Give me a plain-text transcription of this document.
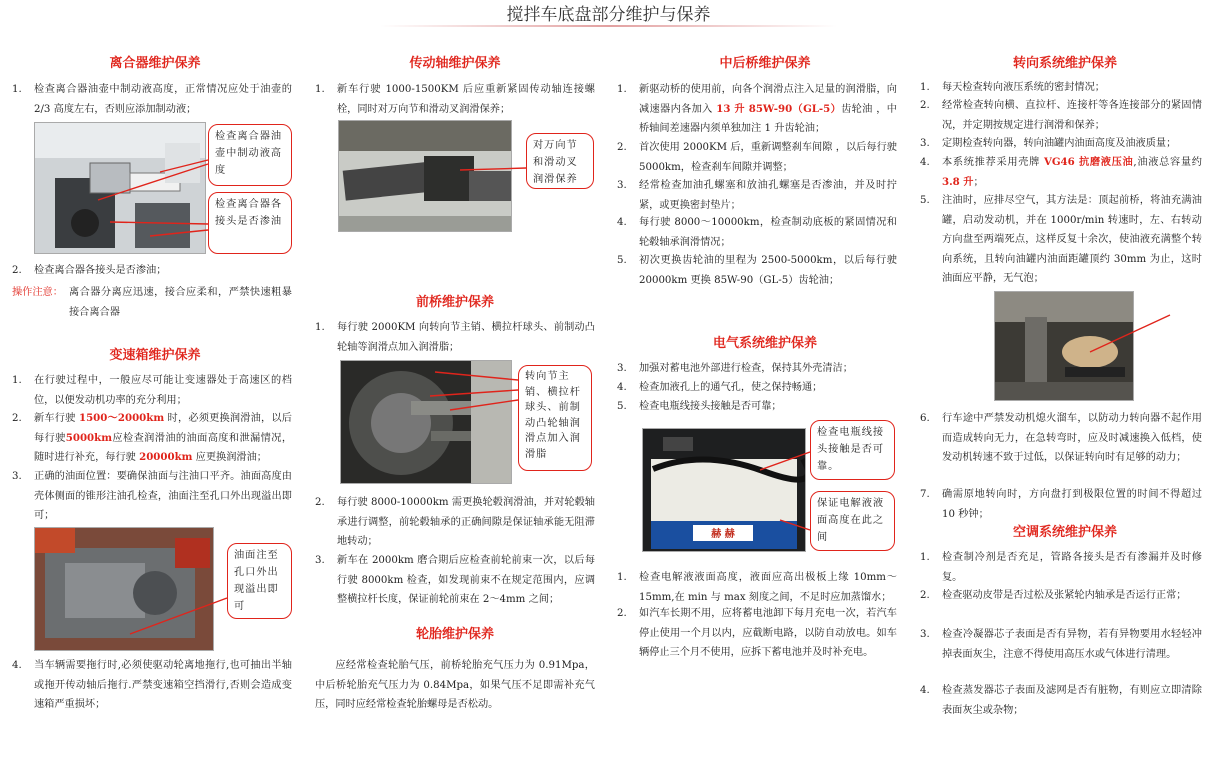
搅拌车底盘部分维护与保养
离合器维护保养
1. 检查离合器油壶中制动液高度，正常情况应处于油壶的 2/3 高度左右，否则应添加制动液；
检查离合器油壶中制动液高度
检查离合器各接头是否渗油
2. 检查离合器各接头是否渗油；
操作注意： 离合器分离应迅速，接合应柔和，严禁快速粗暴接合离合器
变速箱维护保养
1. 在行驶过程中，一般应尽可能让变速器处于高速区的档位，以便发动机功率的充分利用；
2. 新车行驶 1500～2000km 时，必须更换润滑油，以后每行驶5000km应检查润滑油的油面高度和泄漏情况，随时进行补充，每行驶 20000km 应更换润滑油；
3. 正确的油面位置：要确保油面与注油口平齐。油面高度由壳体侧面的锥形注油孔检查，油面注至孔口外出现溢出即可；
油面注至孔口外出现溢出即可
4. 当车辆需要拖行时,必须使驱动轮离地拖行,也可抽出半轴或拖开传动轴后拖行.严禁变速箱空挡滑行,否则会造成变速箱严重损坏；
传动轴维护保养
1. 新车行驶 1000-1500KM 后应重新紧固传动轴连接螺栓，同时对万向节和滑动叉润滑保养；
对万向节和滑动叉润滑保养
前桥维护保养
1. 每行驶 2000KM 向转向节主销、横拉杆球头、前制动凸轮轴等润滑点加入润滑脂；
转向节主销、横拉杆球头、前制动凸轮轴润滑点加入润滑脂
2. 每行驶 8000-10000km 需更换轮毂润滑油，并对轮毂轴承进行调整，前轮毂轴承的正确间隙是保证轴承能无阻滞地转动；
3. 新车在 2000km 磨合期后应检查前轮前束一次，以后每行驶 8000km 检查，如发现前束不在规定范围内，应调整横拉杆长度，保证前轮前束在 2～4mm 之间；
轮胎维护保养
应经常检查轮胎气压，前桥轮胎充气压力为 0.91Mpa，中后桥轮胎充气压力为 0.84Mpa，如果气压不足即需补充气压，同时应经常检查轮胎螺母是否松动。
中后桥维护保养
1. 新驱动桥的使用前，向各个润滑点注入足量的润滑脂，向减速器内各加入 13 升 85W-90（GL-5）齿轮油 ，中桥轴间差速器内须单独加注 1 升齿轮油；
2. 首次使用 2000KM 后，重新调整刹车间隙 ，以后每行驶 5000km，检查刹车间隙并调整；
3. 经常检查加油孔螺塞和放油孔螺塞是否渗油，并及时拧紧，或更换密封垫片；
4. 每行驶 8000～10000km，检查制动底板的紧固情况和轮毂轴承润滑情况；
5. 初次更换齿轮油的里程为 2500-5000km，以后每行驶 20000km 更换 85W-90（GL-5）齿轮油；
电气系统维护保养
3. 加强对蓄电池外部进行检查，保持其外壳清洁；
4. 检查加液孔上的通气孔，使之保持畅通；
5. 检查电瓶线接头接触是否可靠；
赫 赫
检查电瓶线接头接触是否可靠。
保证电解液液面高度在此之间
1. 检查电解液液面高度，液面应高出极板上缘 10mm～15mm,在 min 与 max 刻度之间，不足时应加蒸馏水；
2. 如汽车长期不用，应将蓄电池卸下每月充电一次，若汽车停止使用一个月以内，应截断电路，以防自动放电。如车辆停止三个月不使用，应拆下蓄电池并及时补充电。
转向系统维护保养
1. 每天检查转向液压系统的密封情况；
2. 经常检查转向横、直拉杆、连接杆等各连接部分的紧固情况，并定期按规定进行润滑和保养；
3. 定期检查转向器，转向油罐内油面高度及油液质量；
4. 本系统推荐采用壳牌 VG46 抗磨液压油,油液总容量约3.8 升；
5. 注油时，应排尽空气，其方法是：顶起前桥，将油充满油罐，启动发动机，并在 1000r/min 转速时，左、右转动方向盘至两端死点，这样反复十余次，使油液充满整个转向系统，且转向油罐内油面距罐顶约 30mm 为止，这时油面应平静，无气泡；
6. 行车途中严禁发动机熄火溜车，以防动力转向器不起作用而造成转向无力，在急转弯时，应及时减速换入低档，使发动机转速不致于过低，以保证转向时有足够的动力；
7. 确需原地转向时，方向盘打到极限位置的时间不得超过 10 秒钟；
空调系统维护保养
1. 检查制冷剂是否充足，管路各接头是否有渗漏并及时修复。
2. 检查驱动皮带是否过松及张紧轮内轴承是否运行正常；
3. 检查冷凝器芯子表面是否有异物，若有异物要用水轻轻冲掉表面灰尘，注意不得使用高压水或气体进行清理。
4. 检查蒸发器芯子表面及滤网是否有脏物，有则应立即清除表面灰尘或杂物；
